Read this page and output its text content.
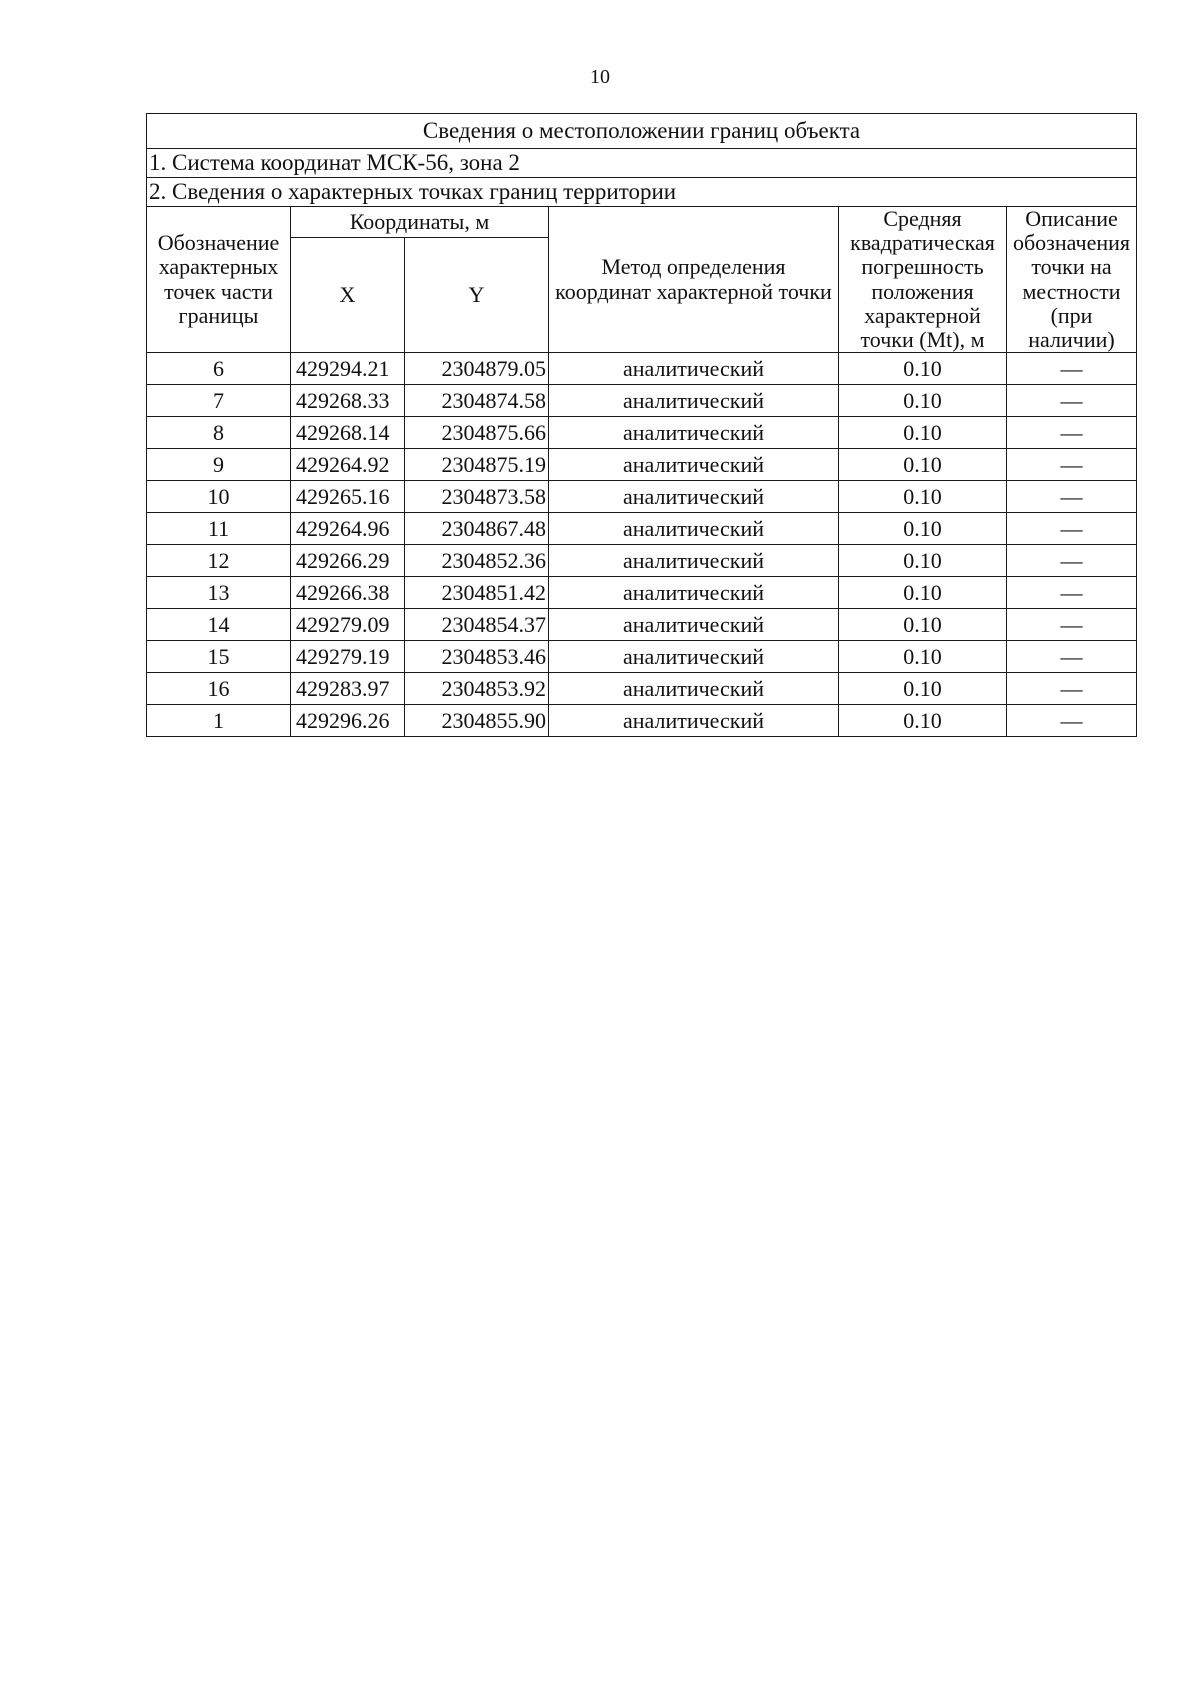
10
Сведения о местоположении границ объекта					
1. Система координат МСК-56, зона 2					
2. Сведения о характерных точках границ территории					
Обозначение характерных точек части границы	Координаты, м		Метод определения координат характерной точки	Средняя квадратическая погрешность положения характерной точки (Mt), м	Описание обозначения точки на местности (при наличии)
	X	Y			
6	429294.21	2304879.05	аналитический	0.10	—
7	429268.33	2304874.58	аналитический	0.10	—
8	429268.14	2304875.66	аналитический	0.10	—
9	429264.92	2304875.19	аналитический	0.10	—
10	429265.16	2304873.58	аналитический	0.10	—
11	429264.96	2304867.48	аналитический	0.10	—
12	429266.29	2304852.36	аналитический	0.10	—
13	429266.38	2304851.42	аналитический	0.10	—
14	429279.09	2304854.37	аналитический	0.10	—
15	429279.19	2304853.46	аналитический	0.10	—
16	429283.97	2304853.92	аналитический	0.10	—
1	429296.26	2304855.90	аналитический	0.10	—
